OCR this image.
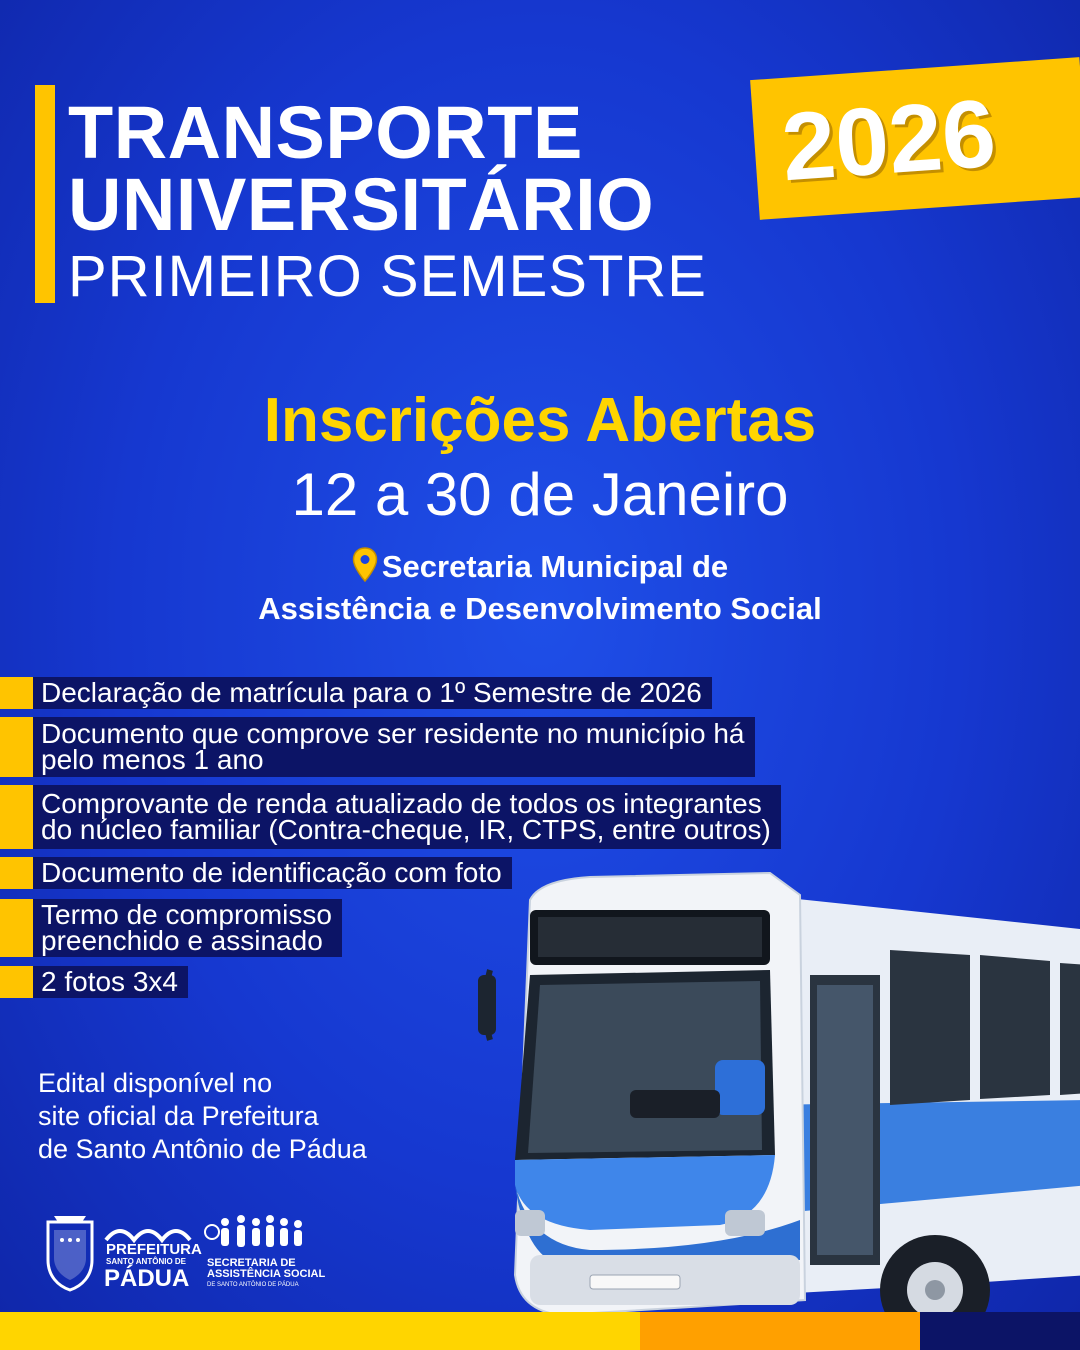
TRANSPORTE
UNIVERSITÁRIO
PRIMEIRO SEMESTRE
2026
Inscrições Abertas
12 a 30 de Janeiro
Secretaria Municipal de
Assistência e Desenvolvimento Social
Declaração de matrícula para o 1º Semestre de 2026
Documento que comprove ser residente no município há
pelo menos 1 ano
Comprovante de renda atualizado de todos os integrantes
do núcleo familiar (Contra-cheque, IR, CTPS, entre outros)
Documento de identificação com foto
Termo de compromisso
preenchido e assinado
2 fotos 3x4
Edital disponível no
site oficial da Prefeitura
de Santo Antônio de Pádua
PREFEITURA
SANTO ANTÔNIO DE
PÁDUA
SECRETARIA DE
ASSISTÊNCIA SOCIAL
DE SANTO ANTÔNIO DE PÁDUA
